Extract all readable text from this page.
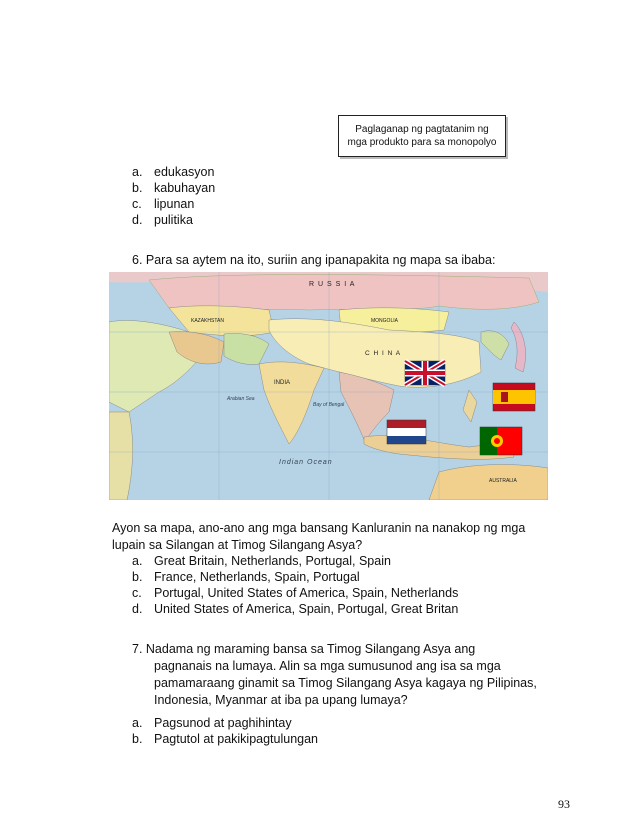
Paglaganap ng pagtatanim ng
mga produkto para sa monopolyo
a. edukasyon
b. kabuhayan
c. lipunan
d. pulitika
6. Para sa aytem na ito, suriin ang ipanapakita ng mapa sa ibaba:
R U S S I A
KAZAKHSTAN	MONGOLIA
C H I N A
INDIA
Arabian Sea
Bay of Bengal
Indian Ocean
AUSTRALIA
Ayon sa mapa, ano-ano ang mga bansang Kanluranin na nanakop ng mga
lupain sa Silangan at Timog Silangang Asya?
a. Great Britain, Netherlands, Portugal, Spain
b. France, Netherlands, Spain, Portugal
c. Portugal, United States of America, Spain, Netherlands
d. United States of America, Spain, Portugal, Great Britan
7. Nadama ng maraming bansa sa Timog Silangang Asya ang
pagnanais na lumaya. Alin sa mga sumusunod ang isa sa mga
pamamaraang ginamit sa Timog Silangang Asya kagaya ng Pilipinas,
Indonesia, Myanmar at iba pa upang lumaya?
a. Pagsunod at paghihintay
b. Pagtutol at pakikipagtulungan
93
